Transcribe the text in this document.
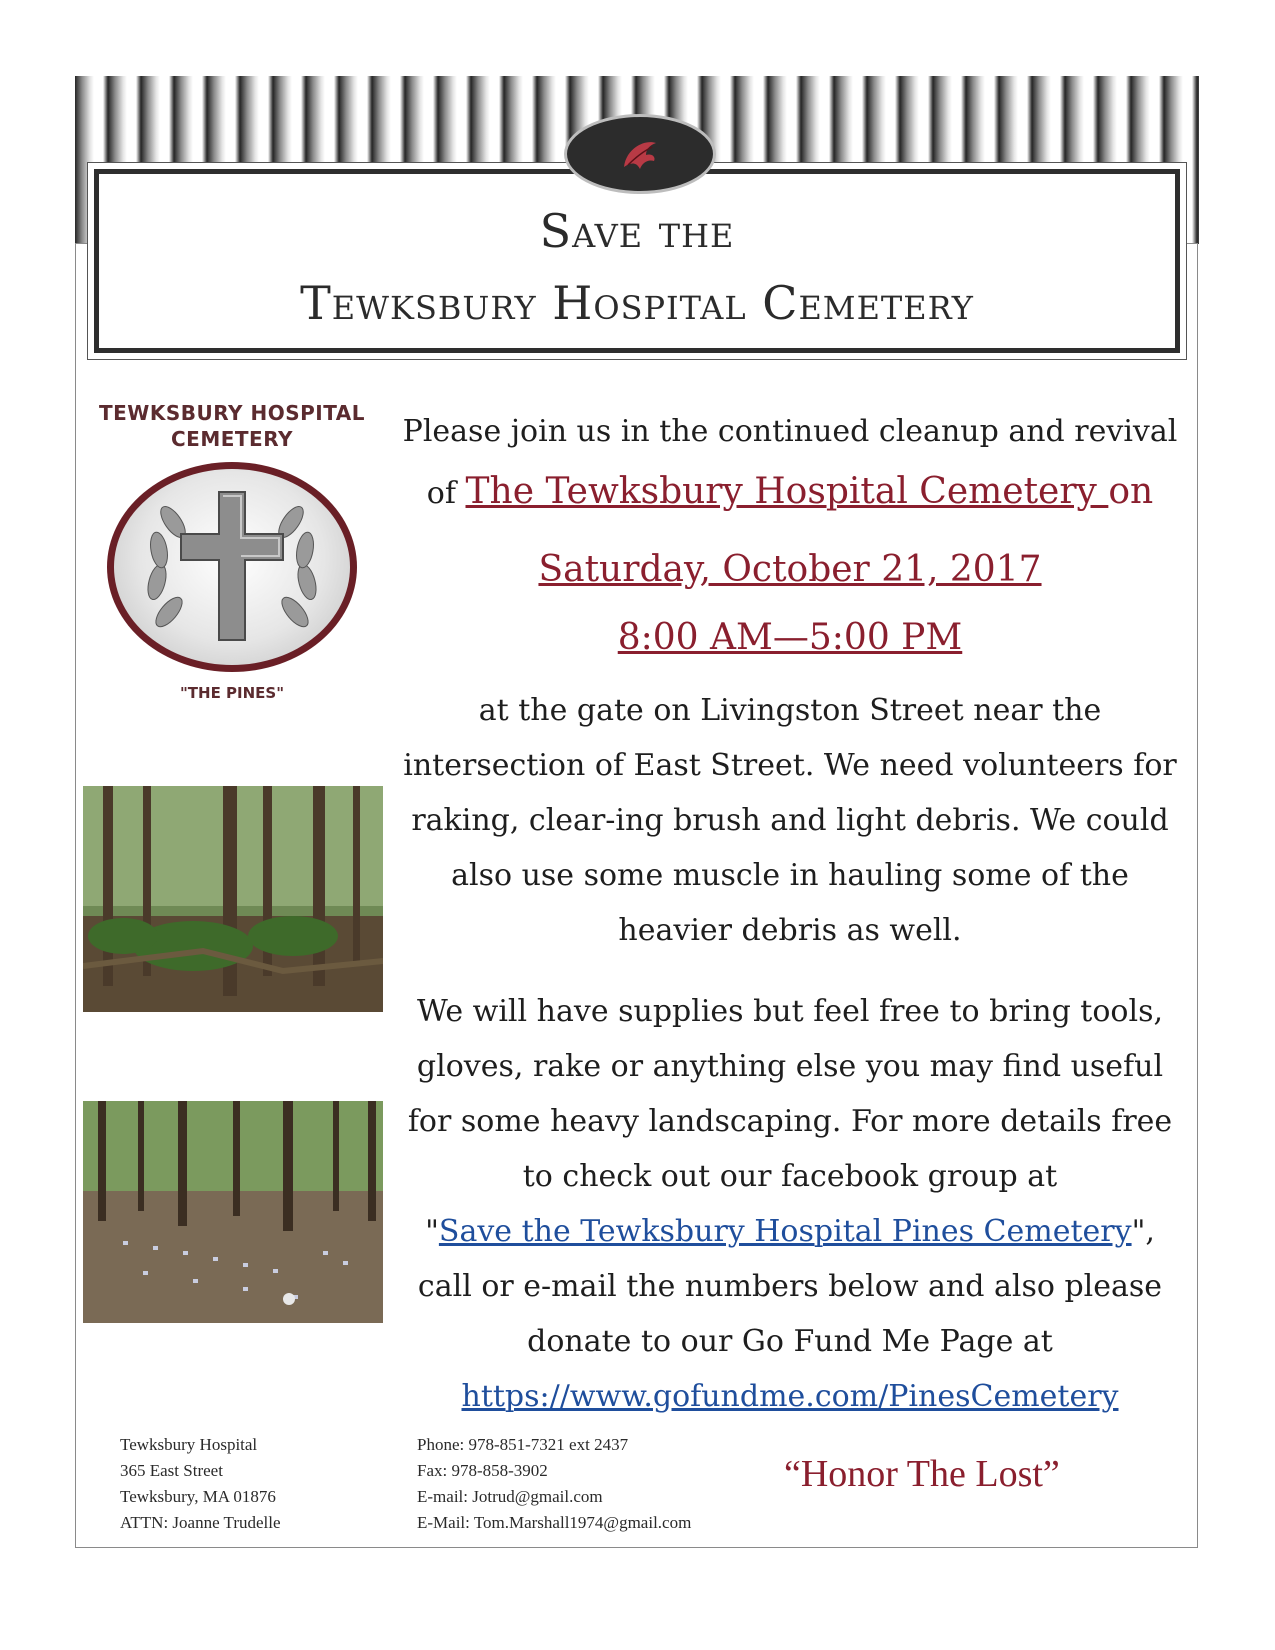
Save the
Tewksbury Hospital Cemetery
TEWKSBURY HOSPITAL
CEMETERY
"THE PINES"

Please join us in the continued cleanup and revival

of The Tewksbury Hospital Cemetery on

Saturday, October 21, 2017

8:00 AM—5:00 PM

at the gate on Livingston Street near the intersection of East Street. We need volunteers for raking, clear-ing brush and light debris. We could also use some muscle in hauling some of the heavier debris as well.

We will have supplies but feel free to bring tools, gloves, rake or anything else you may find useful for some heavy landscaping. For more details free to check out our facebook group at

"Save the Tewksbury Hospital Pines Cemetery",

call or e-mail the numbers below and also please donate to our Go Fund Me Page at

https://www.gofundme.com/PinesCemetery

Tewksbury Hospital
365 East Street
Tewksbury, MA 01876
ATTN: Joanne Trudelle
Phone: 978-851-7321 ext 2437
Fax: 978-858-3902
E-mail: Jotrud@gmail.com
E-Mail: Tom.Marshall1974@gmail.com
“Honor The Lost”
